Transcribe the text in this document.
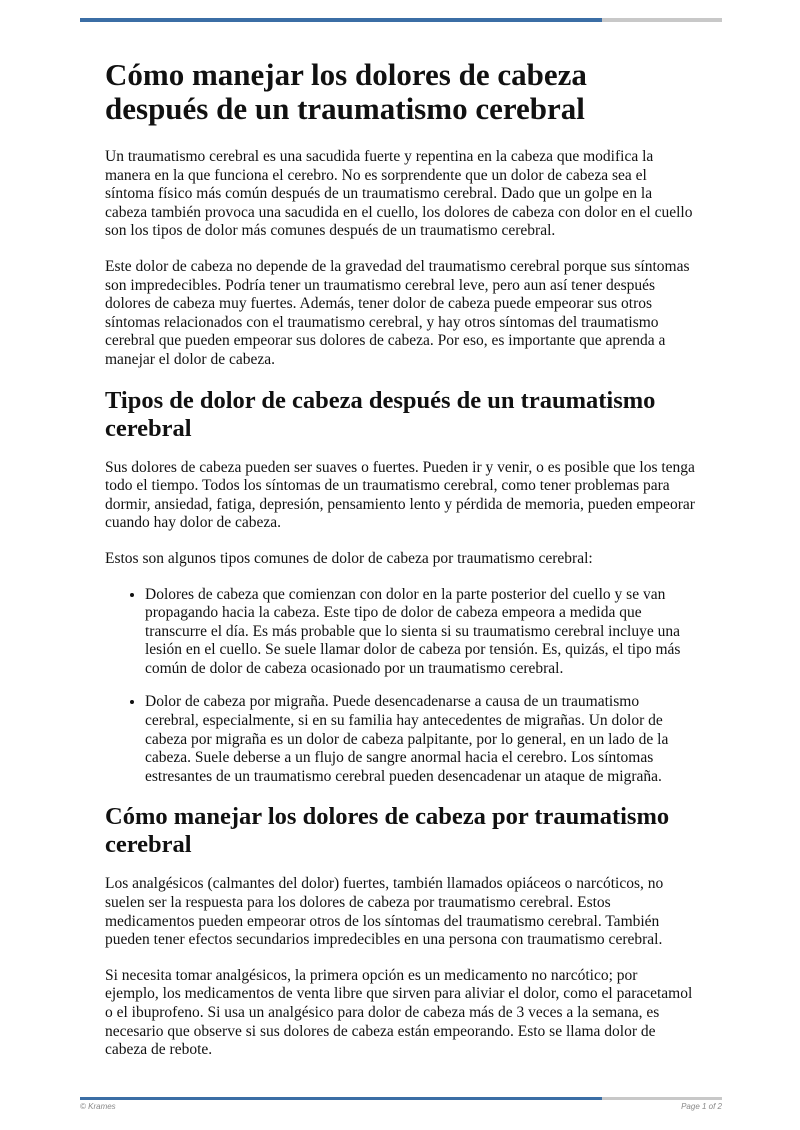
Cómo manejar los dolores de cabeza después de un traumatismo cerebral

Un traumatismo cerebral es una sacudida fuerte y repentina en la cabeza que modifica la manera en la que funciona el cerebro. No es sorprendente que un dolor de cabeza sea el síntoma físico más común después de un traumatismo cerebral. Dado que un golpe en la cabeza también provoca una sacudida en el cuello, los dolores de cabeza con dolor en el cuello son los tipos de dolor más comunes después de un traumatismo cerebral.

Este dolor de cabeza no depende de la gravedad del traumatismo cerebral porque sus síntomas son impredecibles. Podría tener un traumatismo cerebral leve, pero aun así tener después dolores de cabeza muy fuertes. Además, tener dolor de cabeza puede empeorar sus otros síntomas relacionados con el traumatismo cerebral, y hay otros síntomas del traumatismo cerebral que pueden empeorar sus dolores de cabeza. Por eso, es importante que aprenda a manejar el dolor de cabeza.

Tipos de dolor de cabeza después de un traumatismo cerebral

Sus dolores de cabeza pueden ser suaves o fuertes. Pueden ir y venir, o es posible que los tenga todo el tiempo. Todos los síntomas de un traumatismo cerebral, como tener problemas para dormir, ansiedad, fatiga, depresión, pensamiento lento y pérdida de memoria, pueden empeorar cuando hay dolor de cabeza.

Estos son algunos tipos comunes de dolor de cabeza por traumatismo cerebral:

• Dolores de cabeza que comienzan con dolor en la parte posterior del cuello y se van propagando hacia la cabeza. Este tipo de dolor de cabeza empeora a medida que transcurre el día. Es más probable que lo sienta si su traumatismo cerebral incluye una lesión en el cuello. Se suele llamar dolor de cabeza por tensión. Es, quizás, el tipo más común de dolor de cabeza ocasionado por un traumatismo cerebral.
• Dolor de cabeza por migraña. Puede desencadenarse a causa de un traumatismo cerebral, especialmente, si en su familia hay antecedentes de migrañas. Un dolor de cabeza por migraña es un dolor de cabeza palpitante, por lo general, en un lado de la cabeza. Suele deberse a un flujo de sangre anormal hacia el cerebro. Los síntomas estresantes de un traumatismo cerebral pueden desencadenar un ataque de migraña.
Cómo manejar los dolores de cabeza por traumatismo cerebral

Los analgésicos (calmantes del dolor) fuertes, también llamados opiáceos o narcóticos, no suelen ser la respuesta para los dolores de cabeza por traumatismo cerebral. Estos medicamentos pueden empeorar otros de los síntomas del traumatismo cerebral. También pueden tener efectos secundarios impredecibles en una persona con traumatismo cerebral.

Si necesita tomar analgésicos, la primera opción es un medicamento no narcótico; por ejemplo, los medicamentos de venta libre que sirven para aliviar el dolor, como el paracetamol o el ibuprofeno. Si usa un analgésico para dolor de cabeza más de 3 veces a la semana, es necesario que observe si sus dolores de cabeza están empeorando. Esto se llama dolor de cabeza de rebote.

© Krames	Page 1 of 2
